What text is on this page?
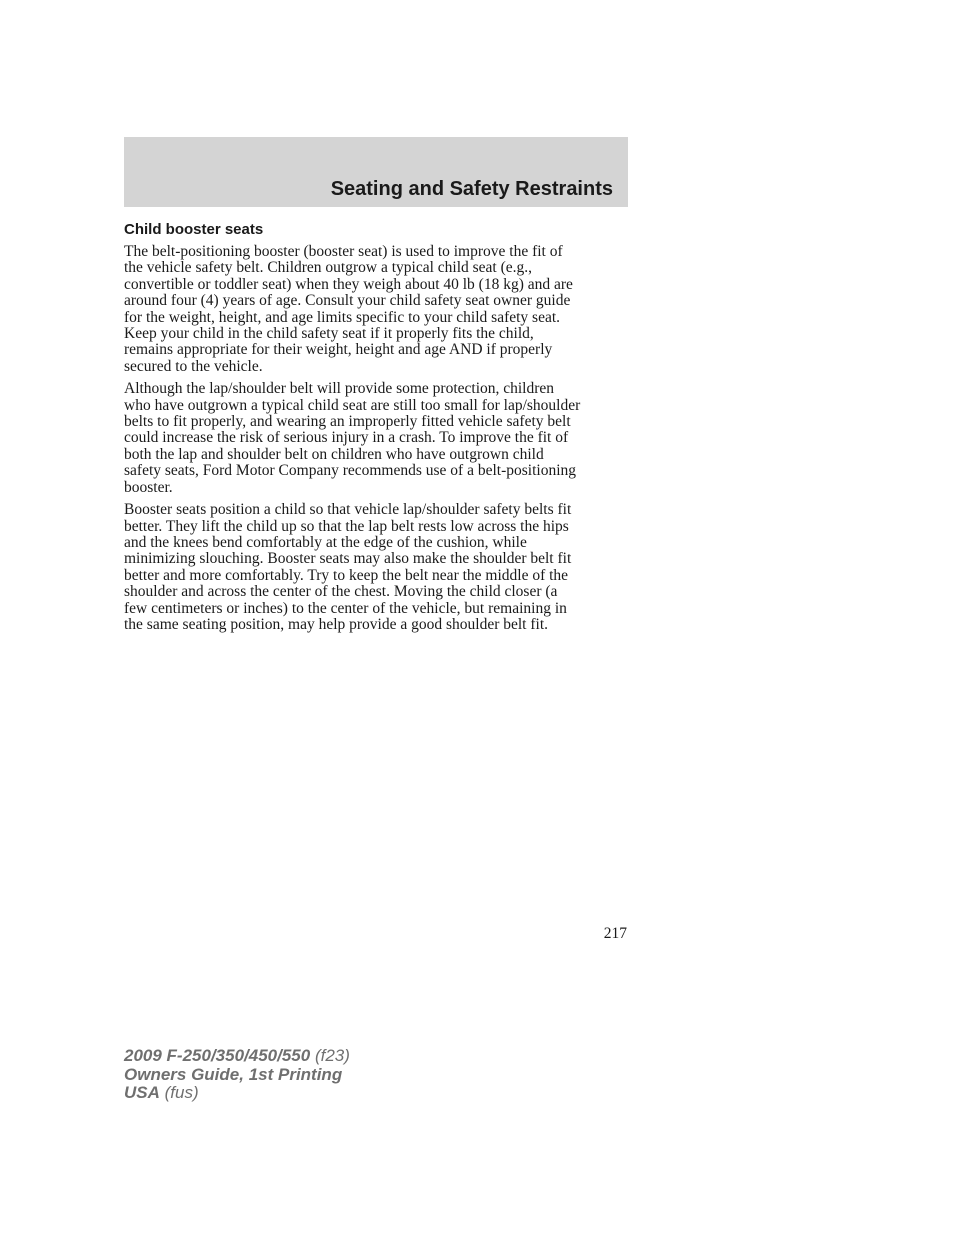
Seating and Safety Restraints
Child booster seats

The belt-positioning booster (booster seat) is used to improve the fit of
the vehicle safety belt. Children outgrow a typical child seat (e.g.,
convertible or toddler seat) when they weigh about 40 lb (18 kg) and are
around four (4) years of age. Consult your child safety seat owner guide
for the weight, height, and age limits specific to your child safety seat.
Keep your child in the child safety seat if it properly fits the child,
remains appropriate for their weight, height and age AND if properly
secured to the vehicle.

Although the lap/shoulder belt will provide some protection, children
who have outgrown a typical child seat are still too small for lap/shoulder
belts to fit properly, and wearing an improperly fitted vehicle safety belt
could increase the risk of serious injury in a crash. To improve the fit of
both the lap and shoulder belt on children who have outgrown child
safety seats, Ford Motor Company recommends use of a belt-positioning
booster.

Booster seats position a child so that vehicle lap/shoulder safety belts fit
better. They lift the child up so that the lap belt rests low across the hips
and the knees bend comfortably at the edge of the cushion, while
minimizing slouching. Booster seats may also make the shoulder belt fit
better and more comfortably. Try to keep the belt near the middle of the
shoulder and across the center of the chest. Moving the child closer (a
few centimeters or inches) to the center of the vehicle, but remaining in
the same seating position, may help provide a good shoulder belt fit.

217
2009 F-250/350/450/550 (f23)
Owners Guide, 1st Printing
USA (fus)
